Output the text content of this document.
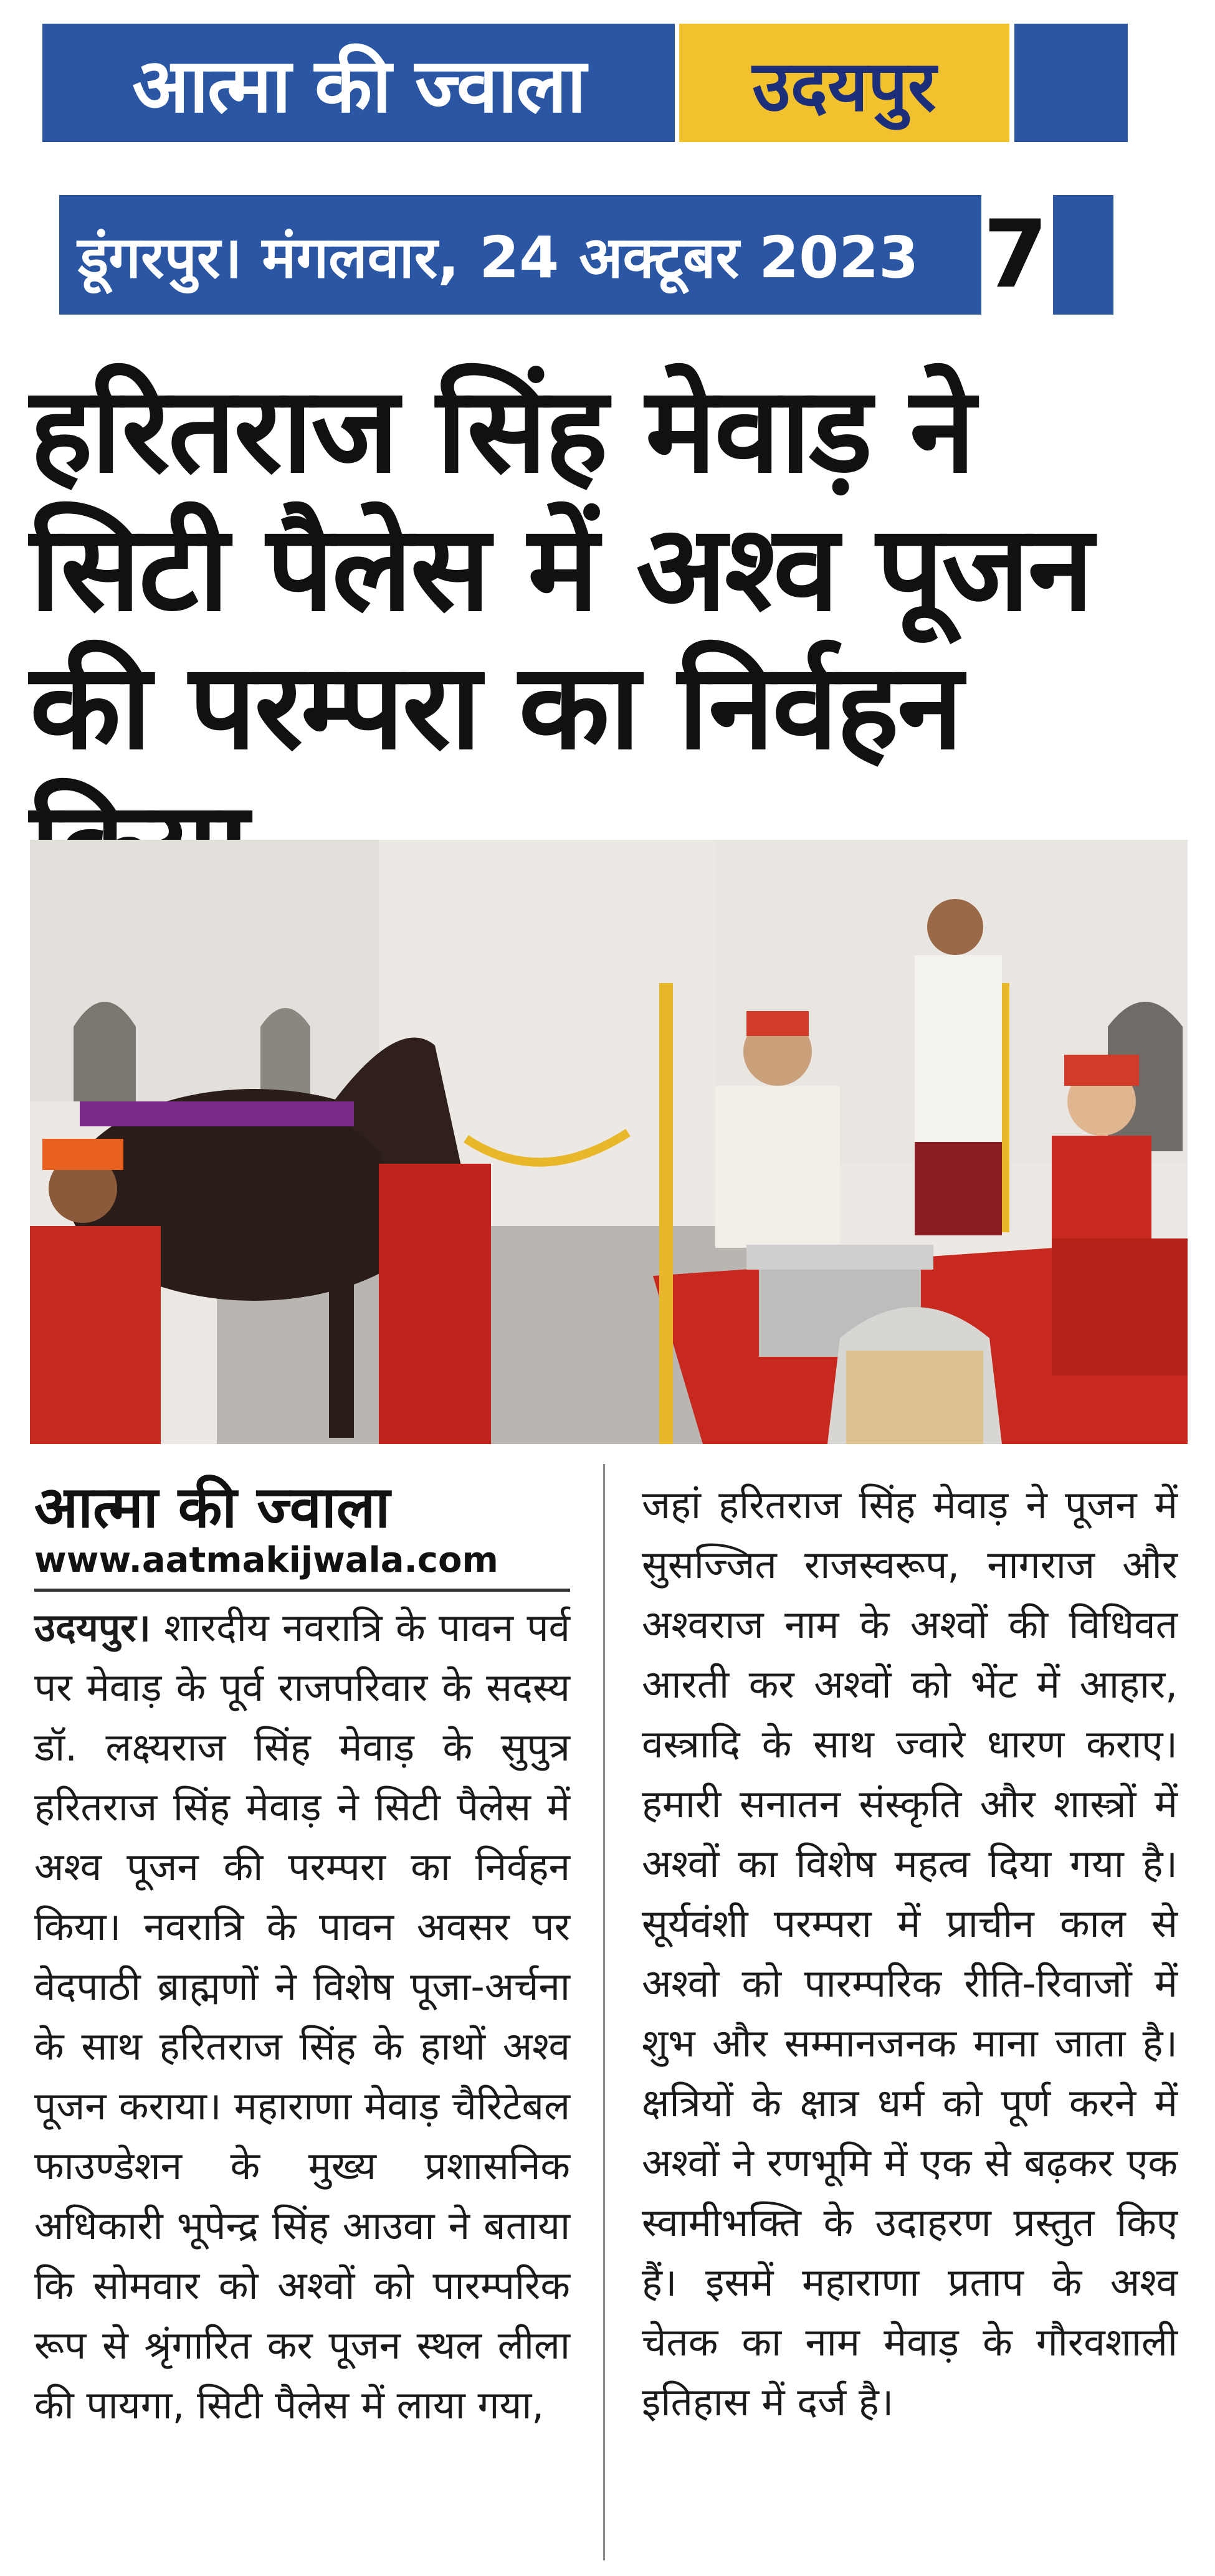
आत्मा की ज्वाला	उदयपुर
डूंगरपुर। मंगलवार, 24 अक्टूबर 2023 7
हरितराज सिंह मेवाड़ ने सिटी पैलेस में अश्व पूजन की परम्परा का निर्वहन
आत्मा की ज्वाला
www.aatmakijwala.com
उदयपुर। शारदीय नवरात्रि के पावन पर्व पर मेवाड़ के पूर्व राजपरिवार के सदस्य डॉ. लक्ष्यराज सिंह मेवाड़ के सुपुत्र हरितराज सिंह मेवाड़ ने सिटी पैलेस में अश्व पूजन की परम्परा का निर्वहन किया। नवरात्रि के पावन अवसर पर वेदपाठी ब्राह्मणों ने विशेष पूजा-अर्चना के साथ हरितराज सिंह के हाथों अश्व पूजन कराया। महाराणा मेवाड़ चैरिटेबल फाउण्डेशन के मुख्य प्रशासनिक अधिकारी भूपेन्द्र सिंह आउवा ने बताया कि सोमवार को अश्वों को पारम्परिक रूप से श्रृंगारित कर पूजन स्थल लीला की पायगा, सिटी पैलेस में लाया गया,
जहां हरितराज सिंह मेवाड़ ने पूजन में सुसज्जित राजस्वरूप, नागराज और अश्वराज नाम के अश्वों की विधिवत आरती कर अश्वों को भेंट में आहार, वस्त्रादि के साथ ज्वारे धारण कराए। हमारी सनातन संस्कृति और शास्त्रों में अश्वों का विशेष महत्व दिया गया है। सूर्यवंशी परम्परा में प्राचीन काल से अश्वो को पारम्परिक रीति-रिवाजों में शुभ और सम्मानजनक माना जाता है। क्षत्रियों के क्षात्र धर्म को पूर्ण करने में अश्वों ने रणभूमि में एक से बढ़कर एक स्वामीभक्ति के उदाहरण प्रस्तुत किए हैं। इसमें महाराणा प्रताप के अश्व चेतक का नाम मेवाड़ के गौरवशाली इतिहास में दर्ज है।
